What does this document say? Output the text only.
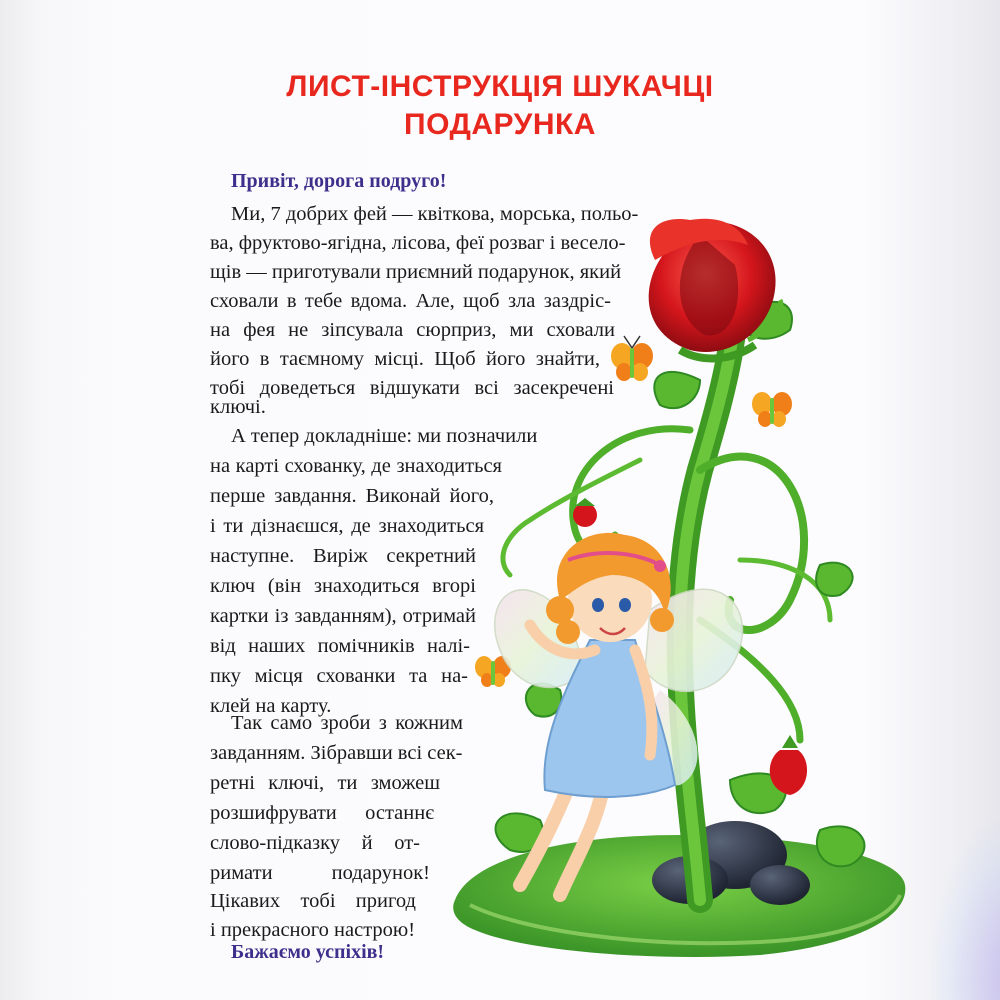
ЛИСТ-ІНСТРУКЦІЯ ШУКАЧЦІ
ПОДАРУНКА
Привіт, дорога подруго!
Ми, 7 добрих фей — квіткова, морська, польо-
ва, фруктово-ягідна, лісова, феї розваг і весело-
щів — приготували приємний подарунок, який
сховали в тебе вдома. Але, щоб зла заздріс-
на фея не зіпсувала сюрприз, ми сховали
його в таємному місці. Щоб його знайти,
тобі доведеться відшукати всі засекречені
ключі.
А тепер докладніше: ми позначили
на карті схованку, де знаходиться
перше завдання. Виконай його,
і ти дізнаєшся, де знаходиться
наступне. Виріж секретний
ключ (він знаходиться вгорі
картки із завданням), отримай
від наших помічників налі-
пку місця схованки та на-
клей на карту.
Так само зроби з кожним
завданням. Зібравши всі сек-
ретні ключі, ти зможеш
розшифрувати останнє
слово-підказку й от-
римати подарунок!
Цікавих тобі пригод
і прекрасного настрою!
Бажаємо успіхів!
